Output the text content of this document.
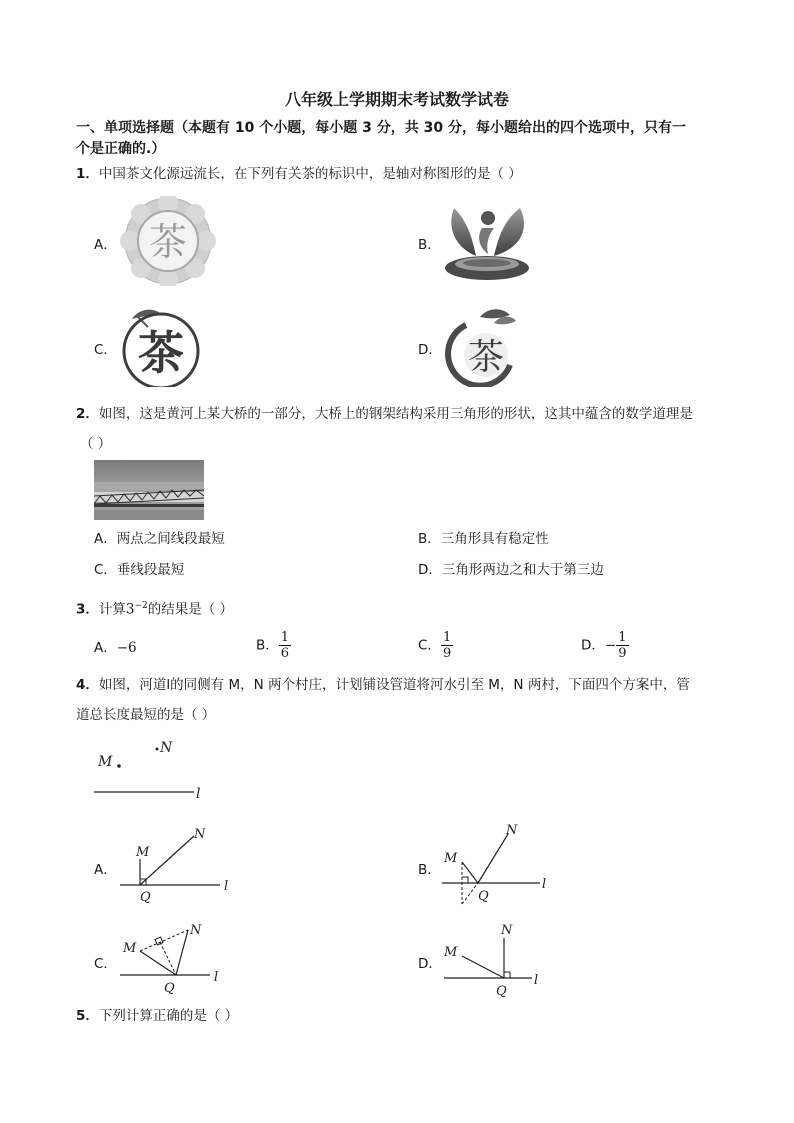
八年级上学期期末考试数学试卷
一、单项选择题（本题有 10 个小题，每小题 3 分，共 30 分，每小题给出的四个选项中，只有一
个是正确的.）
1．中国茶文化源远流长，在下列有关茶的标识中，是轴对称图形的是（ ）
A． 茶	B．
C． 茶	D． 茶
2．如图，这是黄河上某大桥的一部分，大桥上的钢架结构采用三角形的形状，这其中蕴含的数学道理是
（ ）
A．两点之间线段最短	B．三角形具有稳定性
C．垂线段最短	D．三角形两边之和大于第三边
3．计算$3^{-2}$的结果是（ ）
A．−6	B． $\frac{1}{6}$	C． $\frac{1}{9}$	D．− $\frac{1}{9}$
4．如图，河道l的同侧有 M，N 两个村庄，计划铺设管道将河水引至 M，N 两村，下面四个方案中，管
道总长度最短的是（ ）
M
N
l
A．
M
N
Q
l
B．
M
N
Q
l
C．
M
N
Q
l
D．
M
N
Q
l
5．下列计算正确的是（ ）
